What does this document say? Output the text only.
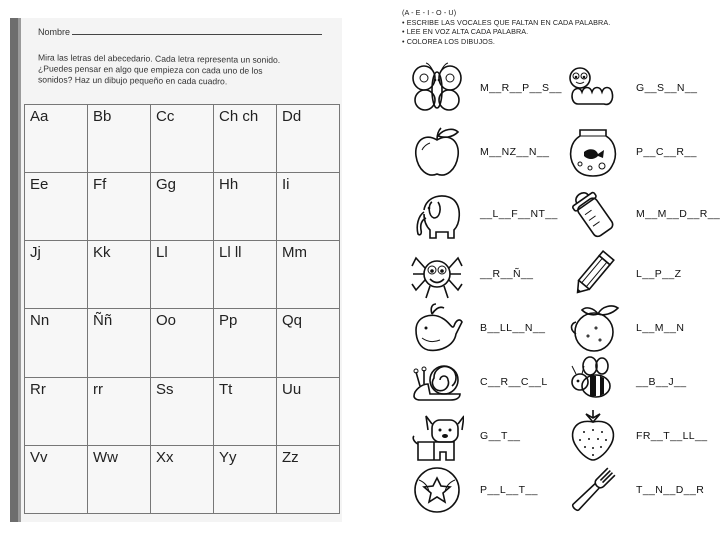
Nombre
Mira las letras del abecedario. Cada letra representa un sonido.
¿Puedes pensar en algo que empieza con cada uno de los
sonidos? Haz un dibujo pequeño en cada cuadro.
Aa	Bb	Cc	Ch ch	Dd
Ee	Ff	Gg	Hh	Ii
Jj	Kk	Ll	Ll ll	Mm
Nn	Ññ	Oo	Pp	Qq
Rr	rr	Ss	Tt	Uu
Vv	Ww	Xx	Yy	Zz
(A - E - I - O - U)
• ESCRIBE LAS VOCALES QUE FALTAN EN CADA PALABRA.
• LEE EN VOZ ALTA CADA PALABRA.
• COLOREA LOS DIBUJOS.
M__R__P__S__
M__NZ__N__
__L__F__NT__
__R__Ñ__
B__LL__N__
C__R__C__L
G__T__
P__L__T__
G__S__N__
P__C__R__
M__M__D__R__
L__P__Z
L__M__N
__B__J__
FR__T__LL__
T__N__D__R
